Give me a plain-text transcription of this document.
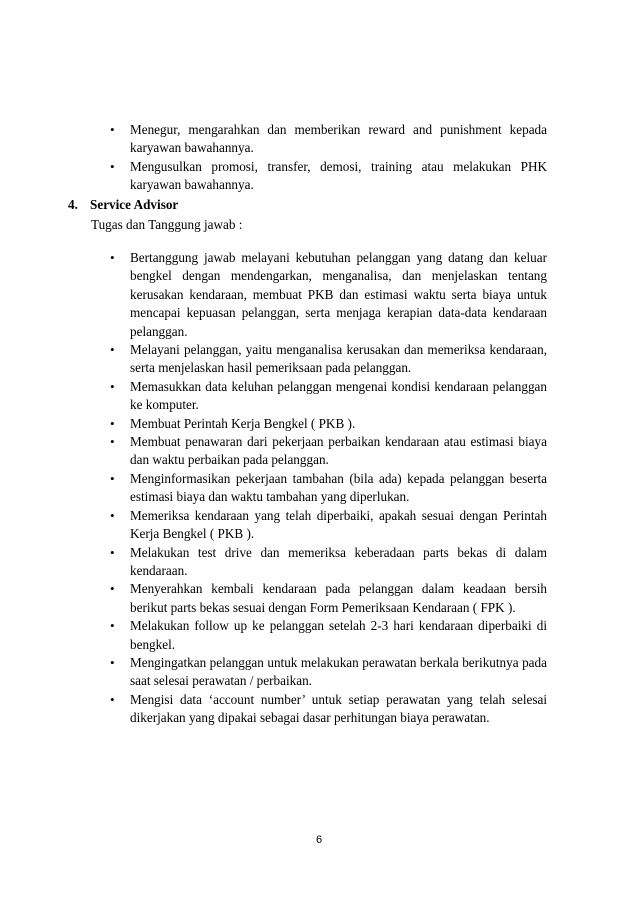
• Menegur, mengarahkan dan memberikan reward and punishment kepada karyawan bawahannya.
• Mengusulkan promosi, transfer, demosi, training atau melakukan PHK karyawan bawahannya.
4. Service Advisor
Tugas dan Tanggung jawab :
• Bertanggung jawab melayani kebutuhan pelanggan yang datang dan keluar bengkel dengan mendengarkan, menganalisa, dan menjelaskan tentang kerusakan kendaraan, membuat PKB dan estimasi waktu serta biaya untuk mencapai kepuasan pelanggan, serta menjaga kerapian data-data kendaraan pelanggan.
• Melayani pelanggan, yaitu menganalisa kerusakan dan memeriksa kendaraan, serta menjelaskan hasil pemeriksaan pada pelanggan.
• Memasukkan data keluhan pelanggan mengenai kondisi kendaraan pelanggan ke komputer.
• Membuat Perintah Kerja Bengkel ( PKB ).
• Membuat penawaran dari pekerjaan perbaikan kendaraan atau estimasi biaya dan waktu perbaikan pada pelanggan.
• Menginformasikan pekerjaan tambahan (bila ada) kepada pelanggan beserta estimasi biaya dan waktu tambahan yang diperlukan.
• Memeriksa kendaraan yang telah diperbaiki, apakah sesuai dengan Perintah Kerja Bengkel ( PKB ).
• Melakukan test drive dan memeriksa keberadaan parts bekas di dalam kendaraan.
• Menyerahkan kembali kendaraan pada pelanggan dalam keadaan bersih berikut parts bekas sesuai dengan Form Pemeriksaan Kendaraan ( FPK ).
• Melakukan follow up ke pelanggan setelah 2-3 hari kendaraan diperbaiki di bengkel.
• Mengingatkan pelanggan untuk melakukan perawatan berkala berikutnya pada saat selesai perawatan / perbaikan.
• Mengisi data ‘account number’ untuk setiap perawatan yang telah selesai dikerjakan yang dipakai sebagai dasar perhitungan biaya perawatan.
6
